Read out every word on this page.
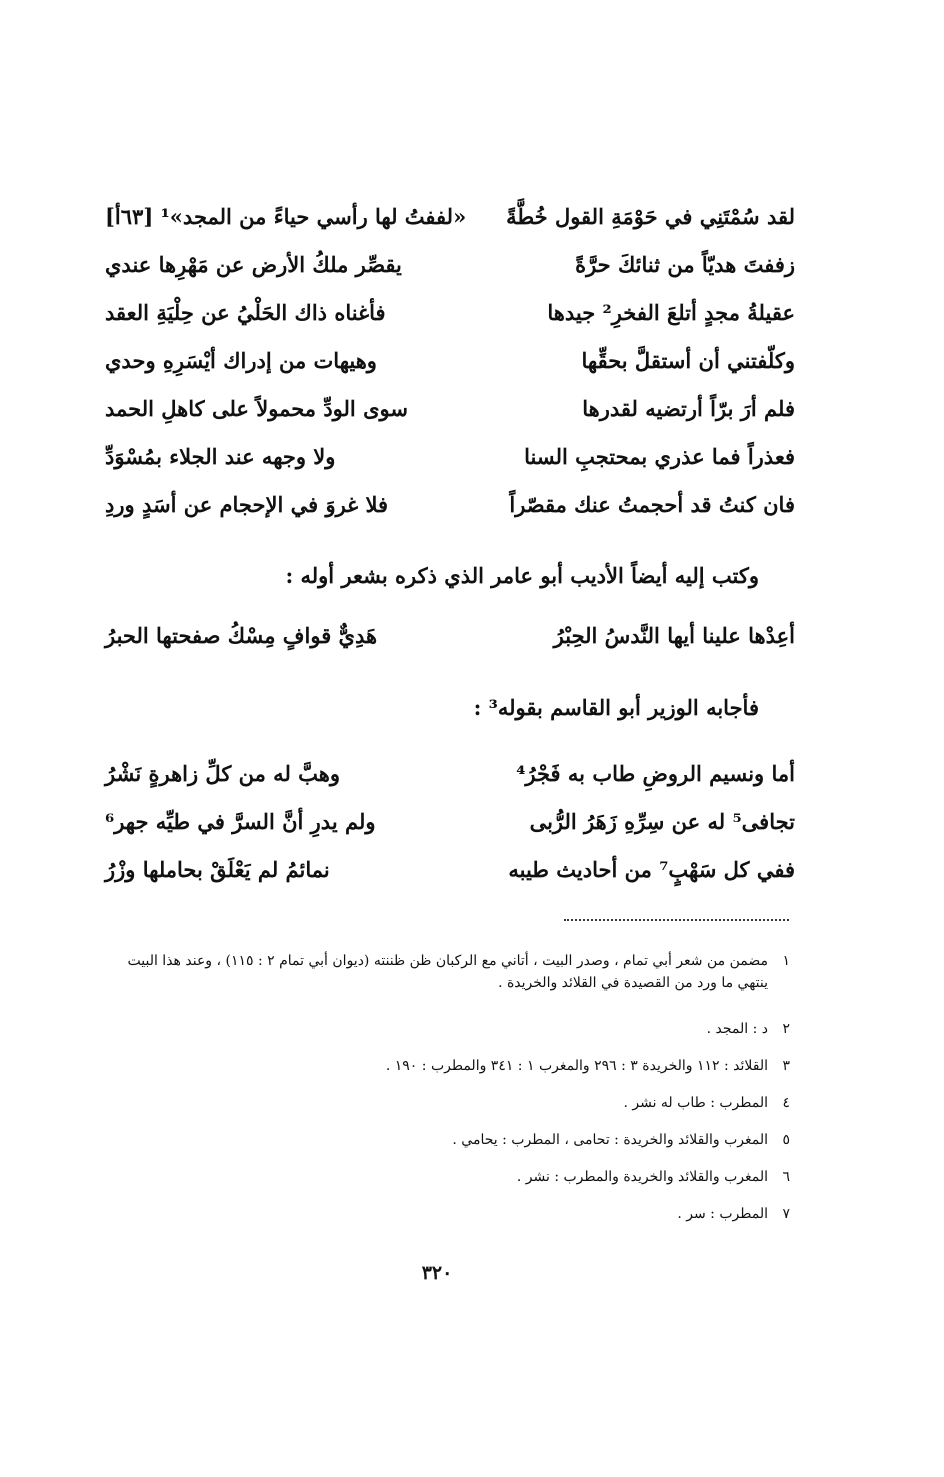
لقد سُمْتَنِي في حَوْمَةِ القول خُطَّةً
«لففتُ لها رأسي حياءً من المجد»¹ [٦٣أ]
زففتَ هديّاً من ثنائكَ حرَّةً
يقصِّر ملكُ الأرض عن مَهْرِها عندي
عقيلةُ مجدٍ أتلعَ الفخرِ² جيدها
فأغناه ذاك الحَلْيُ عن حِلْيَةِ العقد
وكلّفتني أن أستقلَّ بحقِّها
وهيهات من إدراك أيْسَرِهِ وحدي
فلم أرَ برّاً أرتضيه لقدرها
سوى الودِّ محمولاً على كاهلِ الحمد
فعذراً فما عذري بمحتجبِ السنا
ولا وجهه عند الجلاء بمُسْوَدِّ
فان كنتُ قد أحجمتُ عنك مقصّراً
فلا غروَ في الإحجام عن أسَدٍ وردِ
وكتب إليه أيضاً الأديب أبو عامر الذي ذكره بشعر أوله :
أعِدْها علينا أيها النَّدسُ الحِبْرُ
هَدِيٌّ قوافٍ مِسْكُ صفحتها الحبرُ
فأجابه الوزير أبو القاسم بقوله³ :
أما ونسيم الروضِ طاب به فَجْرُ⁴
وهبَّ له من كلِّ زاهرةٍ نَشْرُ
تجافى⁵ له عن سِرِّهِ زَهَرُ الرُّبى
ولم يدرِ أنَّ السرَّ في طيِّه جهر⁶
ففي كل سَهْبٍ⁷ من أحاديث طيبه
نمائمُ لم يَعْلَقْ بحاملها وزْرُ
١
مضمن من شعر أبي تمام ، وصدر البيت ، أتاني مع الركبان ظن ظننته (ديوان أبي تمام ٢ : ١١٥) ، وعند هذا البيت ينتهي ما ورد من القصيدة في القلائد والخريدة .
٢
د : المجد .
٣
القلائد : ١١٢ والخريدة ٣ : ٢٩٦ والمغرب ١ : ٣٤١ والمطرب : ١٩٠ .
٤
المطرب : طاب له نشر .
٥
المغرب والقلائد والخريدة : تحامى ، المطرب : يحامي .
٦
المغرب والقلائد والخريدة والمطرب : نشر .
٧
المطرب : سر .
٣٢٠
